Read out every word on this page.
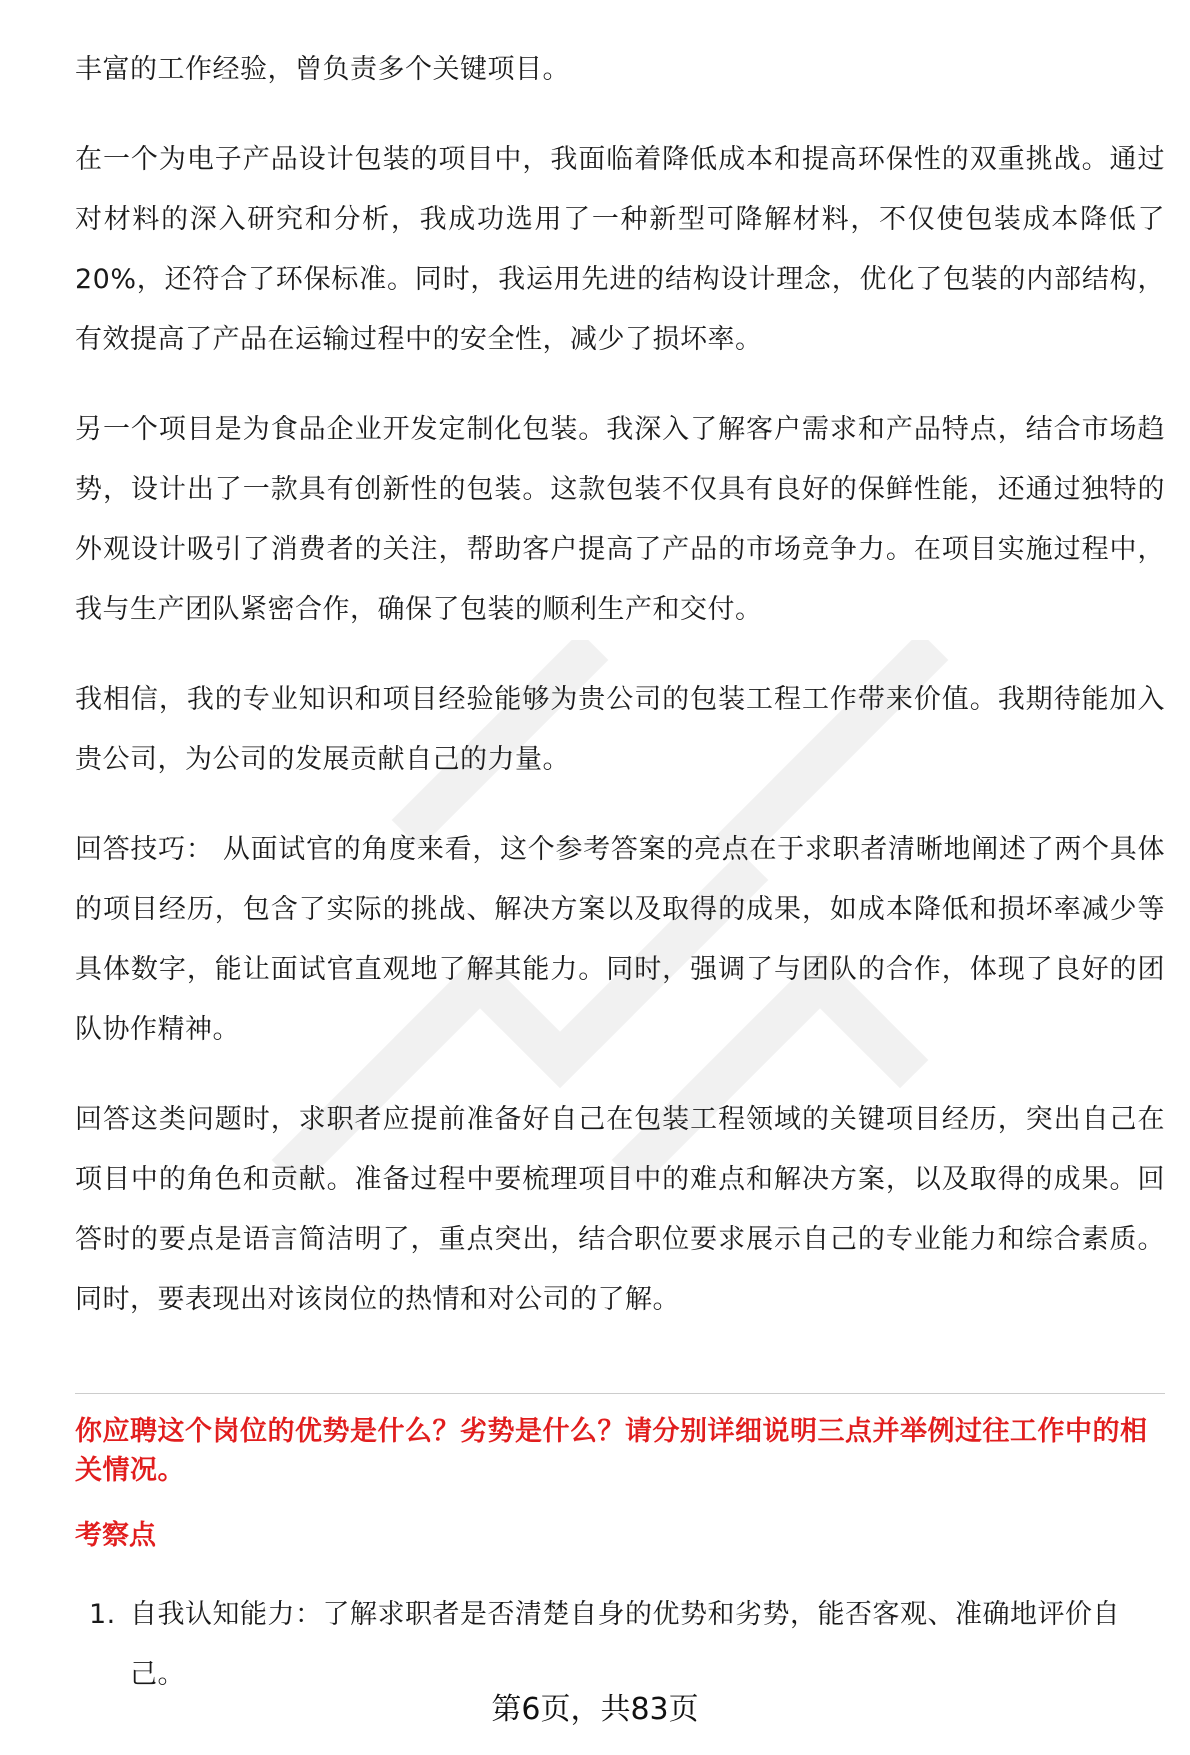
丰富的工作经验，曾负责多个关键项目。

在一个为电子产品设计包装的项目中，我面临着降低成本和提高环保性的双重挑战。通过对材料的深入研究和分析，我成功选用了一种新型可降解材料，不仅使包装成本降低了 20%，还符合了环保标准。同时，我运用先进的结构设计理念，优化了包装的内部结构，有效提高了产品在运输过程中的安全性，减少了损坏率。

另一个项目是为食品企业开发定制化包装。我深入了解客户需求和产品特点，结合市场趋势，设计出了一款具有创新性的包装。这款包装不仅具有良好的保鲜性能，还通过独特的外观设计吸引了消费者的关注，帮助客户提高了产品的市场竞争力。在项目实施过程中，我与生产团队紧密合作，确保了包装的顺利生产和交付。

我相信，我的专业知识和项目经验能够为贵公司的包装工程工作带来价值。我期待能加入贵公司，为公司的发展贡献自己的力量。

回答技巧： 从面试官的角度来看，这个参考答案的亮点在于求职者清晰地阐述了两个具体的项目经历，包含了实际的挑战、解决方案以及取得的成果，如成本降低和损坏率减少等具体数字，能让面试官直观地了解其能力。同时，强调了与团队的合作，体现了良好的团队协作精神。

回答这类问题时，求职者应提前准备好自己在包装工程领域的关键项目经历，突出自己在项目中的角色和贡献。准备过程中要梳理项目中的难点和解决方案，以及取得的成果。回答时的要点是语言简洁明了，重点突出，结合职位要求展示自己的专业能力和综合素质。同时，要表现出对该岗位的热情和对公司的了解。

你应聘这个岗位的优势是什么？劣势是什么？请分别详细说明三点并举例过往工作中的相关情况。

考察点

1. 自我认知能力：了解求职者是否清楚自身的优势和劣势，能否客观、准确地评价自己。
第6页，共83页
